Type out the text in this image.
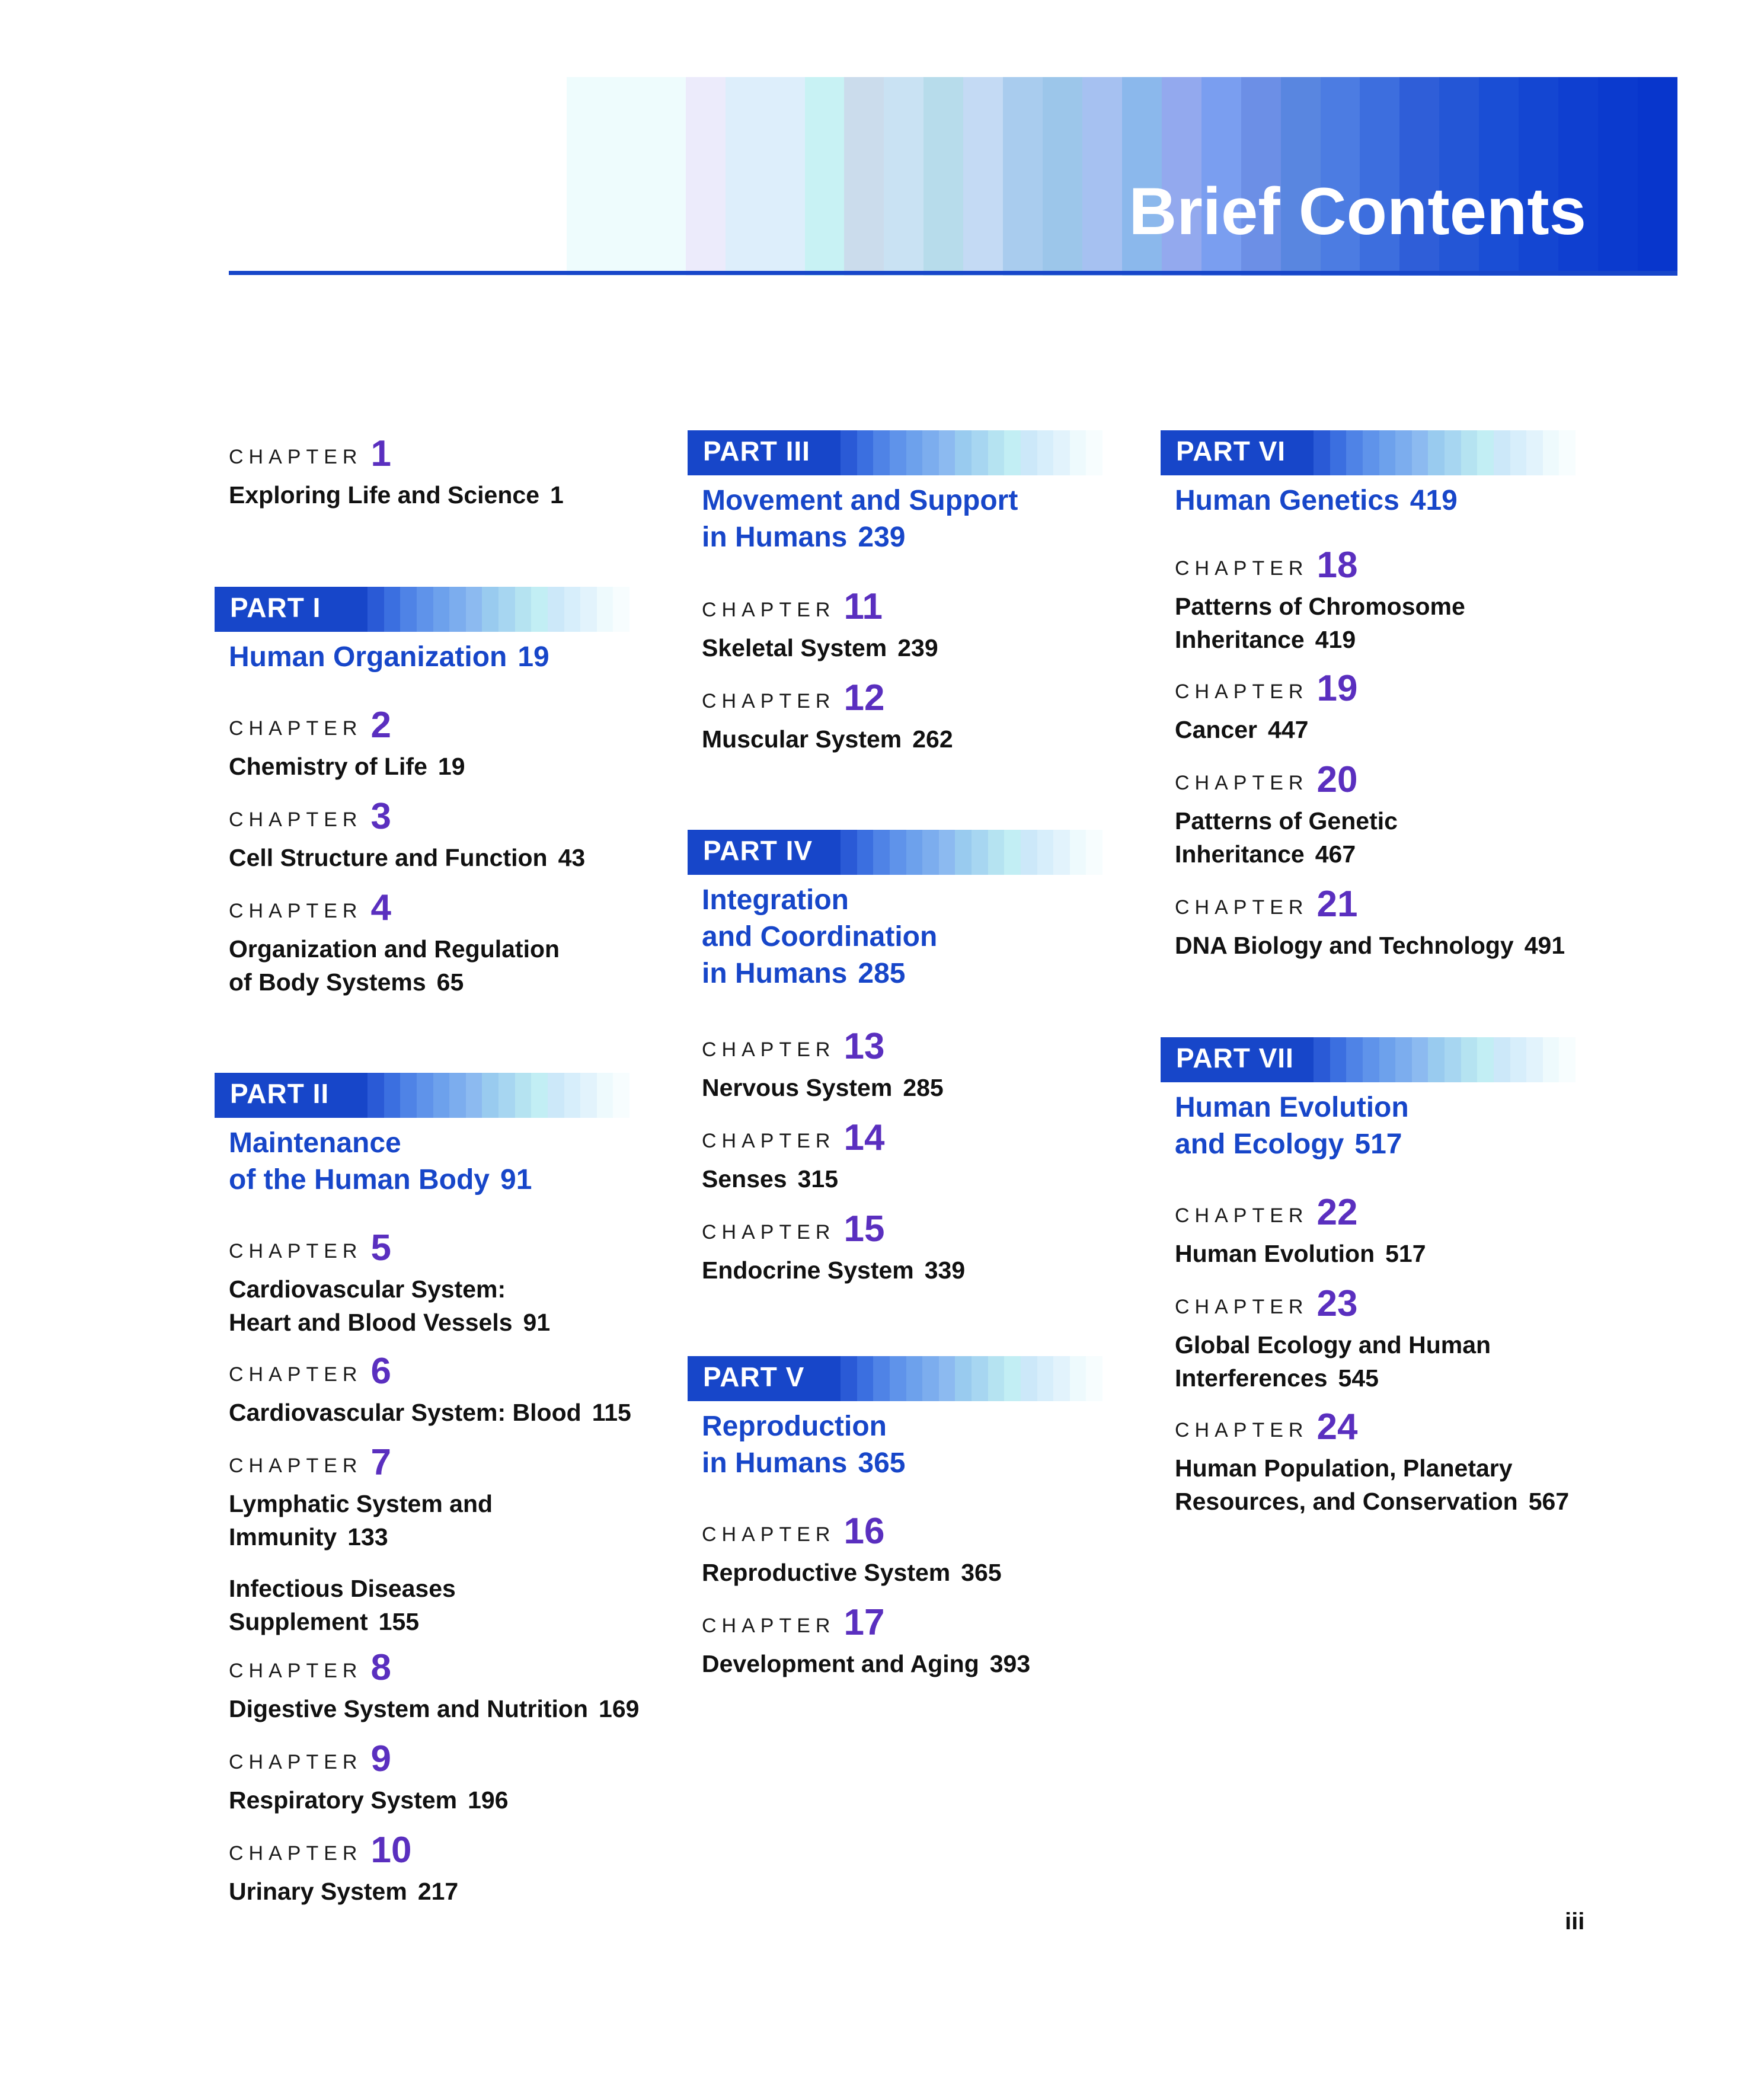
Brief Contents
CHAPTER 1
Exploring Life and Science 1
PART I
Human Organization 19
CHAPTER 2
Chemistry of Life 19
CHAPTER 3
Cell Structure and Function 43
CHAPTER 4
Organization and Regulation
of Body Systems 65
PART II
Maintenance
of the Human Body 91
CHAPTER 5
Cardiovascular System:
Heart and Blood Vessels 91
CHAPTER 6
Cardiovascular System: Blood 115
CHAPTER 7
Lymphatic System and
Immunity 133
Infectious Diseases
Supplement 155
CHAPTER 8
Digestive System and Nutrition 169
CHAPTER 9
Respiratory System 196
CHAPTER 10
Urinary System 217
PART III
Movement and Support
in Humans 239
CHAPTER 11
Skeletal System 239
CHAPTER 12
Muscular System 262
PART IV
Integration
and Coordination
in Humans 285
CHAPTER 13
Nervous System 285
CHAPTER 14
Senses 315
CHAPTER 15
Endocrine System 339
PART V
Reproduction
in Humans 365
CHAPTER 16
Reproductive System 365
CHAPTER 17
Development and Aging 393
PART VI
Human Genetics 419
CHAPTER 18
Patterns of Chromosome
Inheritance 419
CHAPTER 19
Cancer 447
CHAPTER 20
Patterns of Genetic
Inheritance 467
CHAPTER 21
DNA Biology and Technology 491
PART VII
Human Evolution
and Ecology 517
CHAPTER 22
Human Evolution 517
CHAPTER 23
Global Ecology and Human
Interferences 545
CHAPTER 24
Human Population, Planetary
Resources, and Conservation 567
iii
